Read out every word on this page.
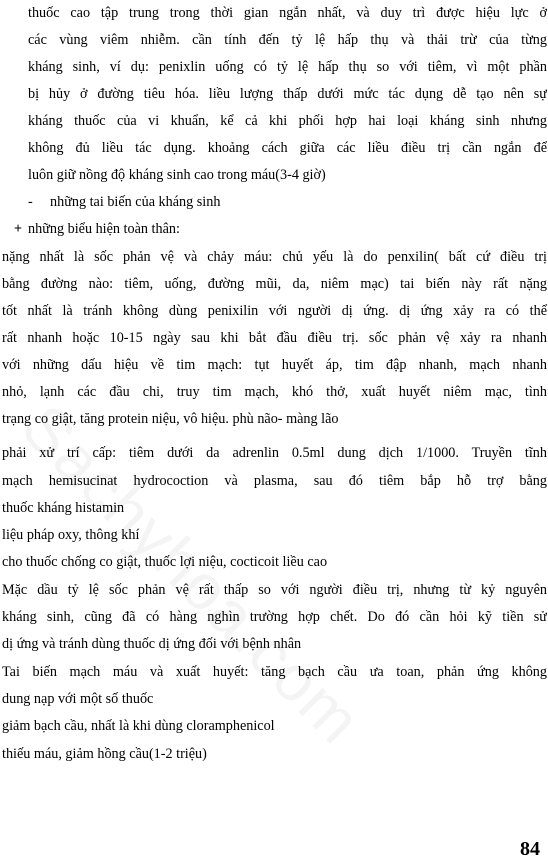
thuốc cao tập trung trong thời gian ngắn nhất, và duy trì được hiệu lực ở
các vùng viêm nhiễm. cần tính đến tỷ lệ hấp thụ và thải trừ của từng
kháng sinh, ví dụ: penixlin uống có tỷ lệ hấp thụ so với tiêm, vì một phần
bị hủy ở đường tiêu hóa. liều lượng thấp dưới mức tác dụng dễ tạo nên sự
kháng thuốc của vi khuẩn, kể cả khi phối hợp hai loại kháng sinh nhưng
không đủ liều tác dụng. khoảng cách giữa các liều điều trị cần ngắn để
luôn giữ nồng độ kháng sinh cao trong máu(3-4 giờ)
- những tai biến của kháng sinh
+ những biểu hiện toàn thân:
nặng nhất là sốc phản vệ và chảy máu: chủ yếu là do penxilin( bất cứ điều trị
bằng đường nào: tiêm, uống, đường mũi, da, niêm mạc) tai biến này rất nặng
tốt nhất là tránh không dùng penixilin với người dị ứng. dị ứng xảy ra có thể
rất nhanh hoặc 10-15 ngày sau khi bắt đầu điều trị. sốc phản vệ xảy ra nhanh
với những dấu hiệu về tim mạch: tụt huyết áp, tim đập nhanh, mạch nhanh
nhỏ, lạnh các đầu chi, truy tim mạch, khó thở, xuất huyết niêm mạc, tình
trạng co giật, tăng protein niệu, vô hiệu. phù não- màng lão
phải xử trí cấp: tiêm dưới da adrenlin 0.5ml dung dịch 1/1000. Truyền tĩnh
mạch hemisucinat hydrocoction và plasma, sau đó tiêm bắp hỗ trợ bằng
thuốc kháng histamin
liệu pháp oxy, thông khí
cho thuốc chống co giật, thuốc lợi niệu, cocticoit liều cao
Mặc dầu tỷ lệ sốc phản vệ rất thấp so với người điều trị, nhưng từ kỷ nguyên
kháng sinh, cũng đã có hàng nghìn trường hợp chết. Do đó cần hỏi kỹ tiền sử
dị ứng và tránh dùng thuốc dị ứng đối với bệnh nhân
Tai biến mạch máu và xuất huyết: tăng bạch cầu ưa toan, phản ứng không
dung nạp với một số thuốc
giảm bạch cầu, nhất là khi dùng cloramphenicol
thiếu máu, giảm hồng cầu(1-2 triệu)
84
